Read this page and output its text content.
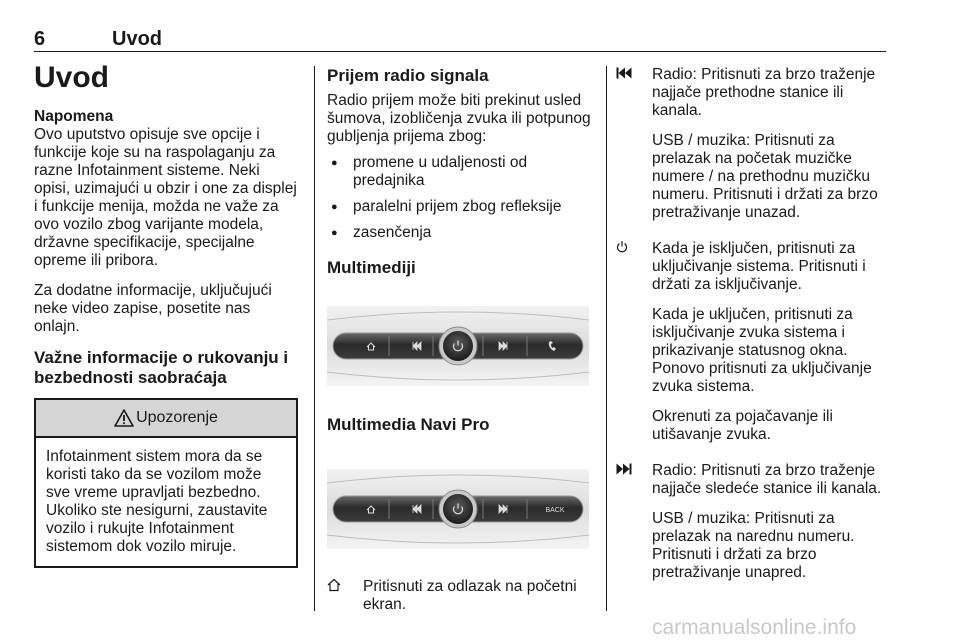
6	Uvod
Uvod
Napomena
Ovo uputstvo opisuje sve opcije i funkcije koje su na raspolaganju za razne Infotainment sisteme. Neki opisi, uzimajući u obzir i one za displej i funkcije menija, možda ne važe za ovo vozilo zbog varijante modela, državne specifikacije, specijalne opreme ili pribora.
Za dodatne informacije, uključujući neke video zapise, posetite nas onlajn.
Važne informacije o rukovanju i bezbednosti saobraćaja
Upozorenje
Infotainment sistem mora da se koristi tako da se vozilom može sve vreme upravljati bezbedno. Ukoliko ste nesigurni, zaustavite vozilo i rukujte Infotainment sistemom dok vozilo miruje.
Prijem radio signala
Radio prijem može biti prekinut usled šumova, izobličenja zvuka ili potpunog gubljenja prijema zbog:
● promene u udaljenosti od predajnika
● paralelni prijem zbog refleksije
● zasenčenja
Multimediji
Multimedia Navi Pro
BACK
Pritisnuti za odlazak na početni ekran.
Radio: Pritisnuti za brzo traženje najjače prethodne stanice ili kanala.
USB / muzika: Pritisnuti za prelazak na početak muzičke numere / na prethodnu muzičku numeru. Pritisnuti i držati za brzo pretraživanje unazad.
Kada je isključen, pritisnuti za uključivanje sistema. Pritisnuti i držati za isključivanje.
Kada je uključen, pritisnuti za isključivanje zvuka sistema i prikazivanje statusnog okna. Ponovo pritisnuti za uključivanje zvuka sistema.
Okrenuti za pojačavanje ili utišavanje zvuka.
Radio: Pritisnuti za brzo traženje najjače sledeće stanice ili kanala.
USB / muzika: Pritisnuti za prelazak na narednu numeru. Pritisnuti i držati za brzo pretraživanje unapred.
carmanualsonline.info
